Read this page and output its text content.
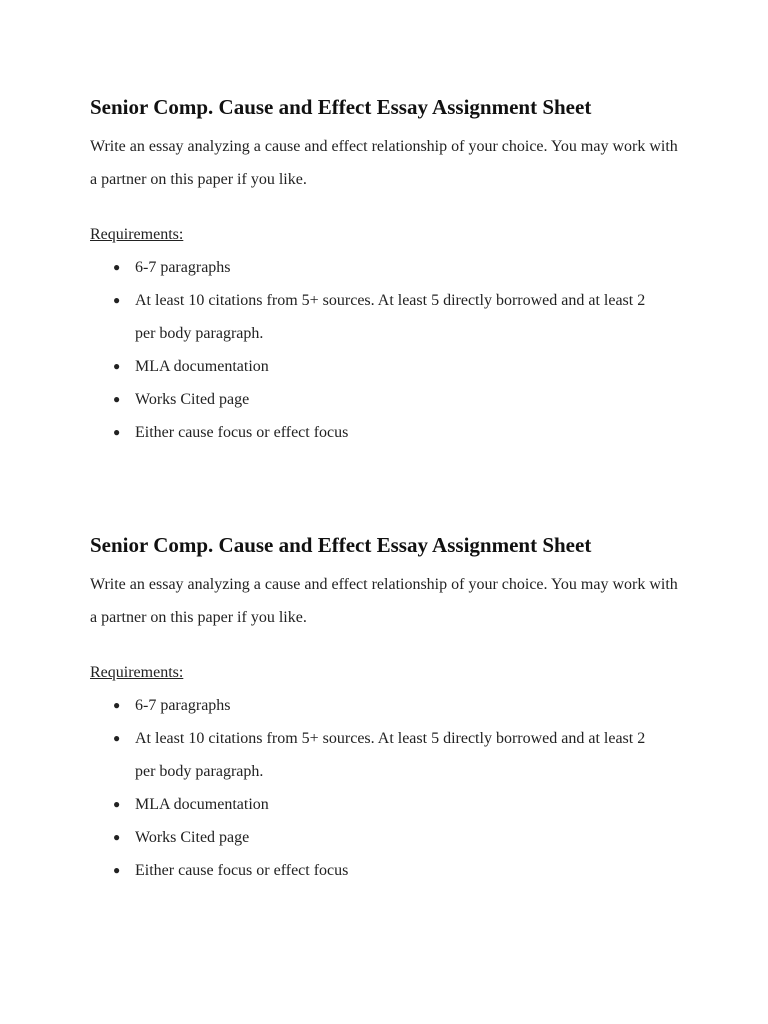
Senior Comp. Cause and Effect Essay Assignment Sheet

Write an essay analyzing a cause and effect relationship of your choice. You may work with a partner on this paper if you like.

Requirements:

● 6-7 paragraphs
● At least 10 citations from 5+ sources. At least 5 directly borrowed and at least 2 per body paragraph.
● MLA documentation
● Works Cited page
● Either cause focus or effect focus
Senior Comp. Cause and Effect Essay Assignment Sheet

Write an essay analyzing a cause and effect relationship of your choice. You may work with a partner on this paper if you like.

Requirements:

● 6-7 paragraphs
● At least 10 citations from 5+ sources. At least 5 directly borrowed and at least 2 per body paragraph.
● MLA documentation
● Works Cited page
● Either cause focus or effect focus
